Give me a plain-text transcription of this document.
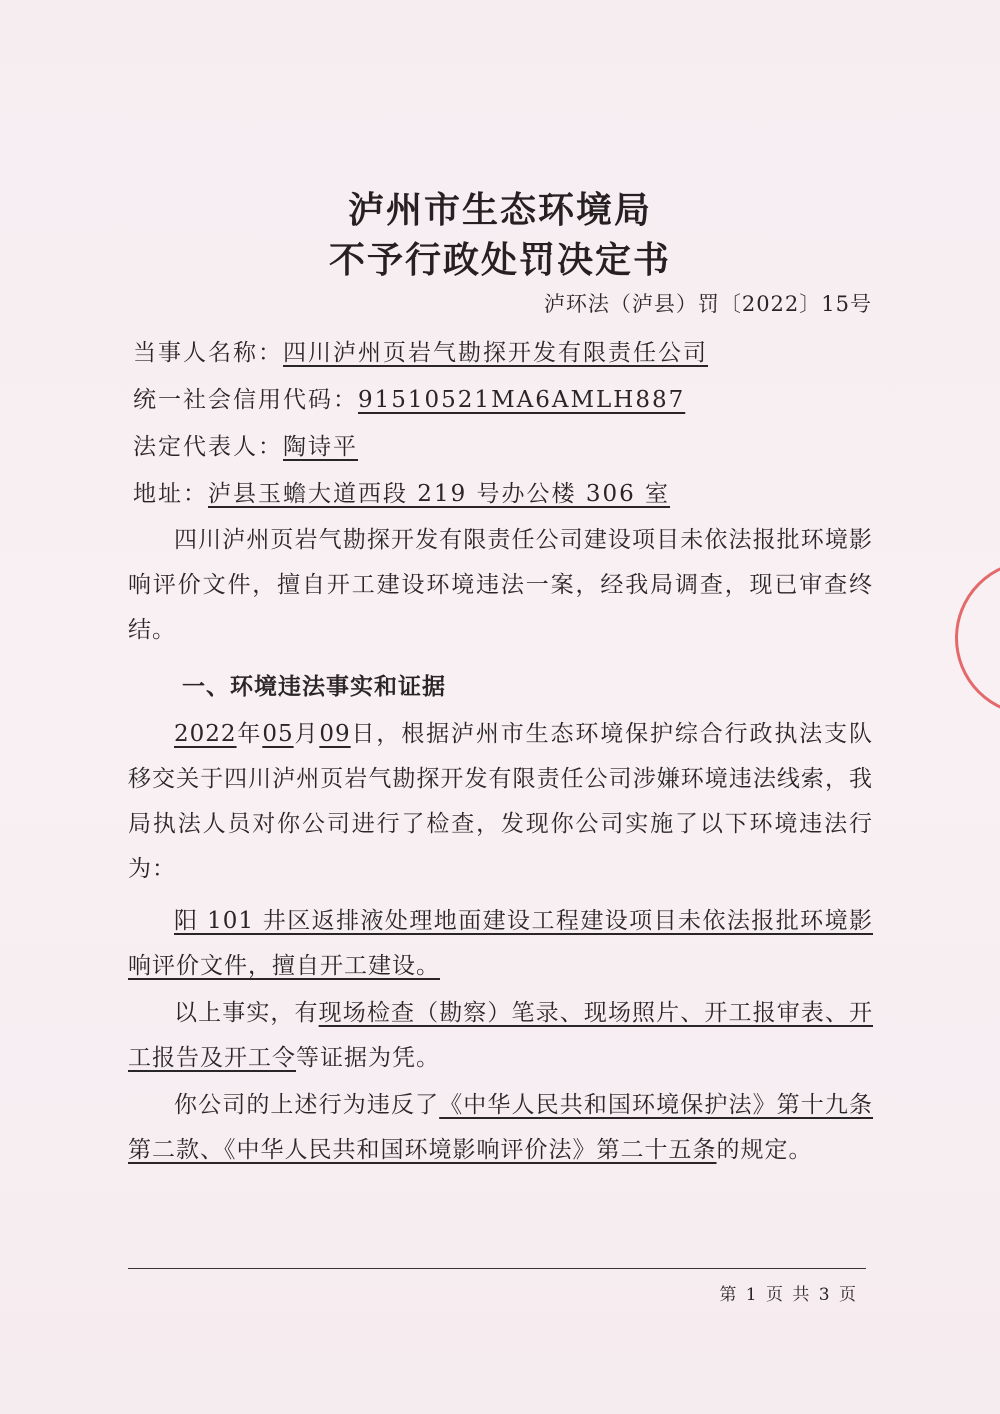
泸州市生态环境局
不予行政处罚决定书
泸环法（泸县）罚〔2022〕15号
当事人名称：四川泸州页岩气勘探开发有限责任公司
统一社会信用代码：91510521MA6AMLH887
法定代表人：陶诗平
地址：泸县玉蟾大道西段 219 号办公楼 306 室
四川泸州页岩气勘探开发有限责任公司建设项目未依法报批环境影响评价文件，擅自开工建设环境违法一案，经我局调查，现已审查终结。
一、环境违法事实和证据
2022年05月09日，根据泸州市生态环境保护综合行政执法支队移交关于四川泸州页岩气勘探开发有限责任公司涉嫌环境违法线索，我局执法人员对你公司进行了检查，发现你公司实施了以下环境违法行为：
阳 101 井区返排液处理地面建设工程建设项目未依法报批环境影响评价文件，擅自开工建设。
以上事实，有现场检查（勘察）笔录、现场照片、开工报审表、开工报告及开工令等证据为凭。
你公司的上述行为违反了《中华人民共和国环境保护法》第十九条第二款、《中华人民共和国环境影响评价法》第二十五条的规定。
第 1 页 共 3 页
